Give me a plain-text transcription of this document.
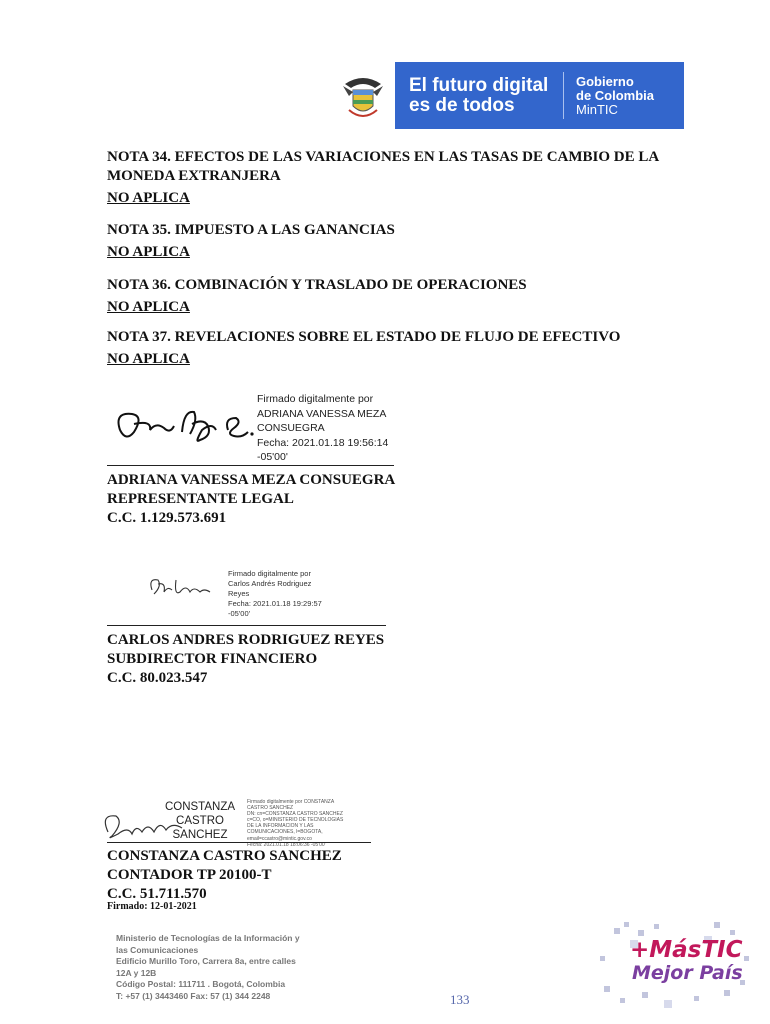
El futuro digital
es de todos
Gobierno
de Colombia
MinTIC
NOTA 34. EFECTOS DE LAS VARIACIONES EN LAS TASAS DE CAMBIO DE LA
MONEDA EXTRANJERA
NO APLICA
NOTA 35. IMPUESTO A LAS GANANCIAS
NO APLICA
NOTA 36. COMBINACIÓN Y TRASLADO DE OPERACIONES
NO APLICA
NOTA 37. REVELACIONES SOBRE EL ESTADO DE FLUJO DE EFECTIVO
NO APLICA
Firmado digitalmente por
ADRIANA VANESSA MEZA
CONSUEGRA
Fecha: 2021.01.18 19:56:14
-05'00'
ADRIANA VANESSA MEZA CONSUEGRA
REPRESENTANTE LEGAL
C.C. 1.129.573.691
Firmado digitalmente por
Carlos Andrés Rodriguez
Reyes
Fecha: 2021.01.18 19:29:57
-05'00'
CARLOS ANDRES RODRIGUEZ REYES
SUBDIRECTOR FINANCIERO
C.C. 80.023.547
CONSTANZA
CASTRO
SANCHEZ
Firmado digitalmente por CONSTANZA
CASTRO SANCHEZ
DN: cn=CONSTANZA CASTRO SANCHEZ
c=CO, o=MINISTERIO DE TECNOLOGIAS
DE LA INFORMACION Y LAS
COMUNICACIONES, l=BOGOTA,
email=ccastro@mintic.gov.co
Fecha: 2021.01.18 18:06:36 -05'00'
CONSTANZA CASTRO SANCHEZ
CONTADOR TP 20100-T
C.C. 51.711.570
Firmado: 12-01-2021
Ministerio de Tecnologías de la Información y
las Comunicaciones
Edificio Murillo Toro, Carrera 8a, entre calles
12A y 12B
Código Postal: 111711 . Bogotá, Colombia
T: +57 (1) 3443460 Fax: 57 (1) 344 2248	133
+MásTIC
Mejor País
